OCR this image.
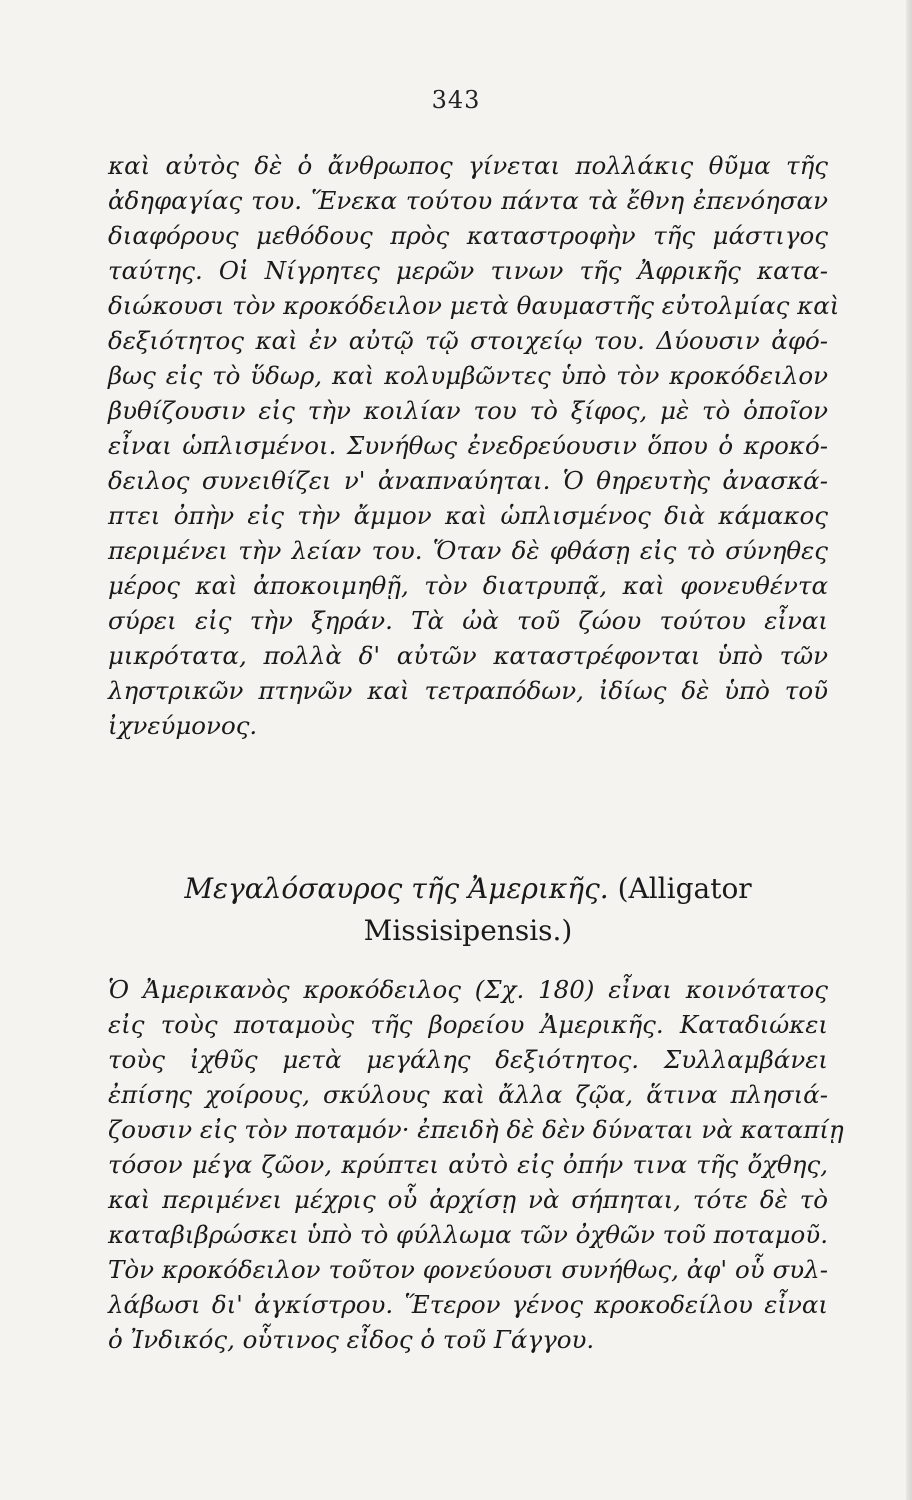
343
καὶ αὐτὸς δὲ ὁ ἄνθρωπος γίνεται πολλάκις θῦμα τῆς
ἀδηφαγίας του. Ἕνεκα τούτου πάντα τὰ ἔθνη ἐπενόησαν
διαφόρους μεθόδους πρὸς καταστροφὴν τῆς μάστιγος
ταύτης. Οἱ Νίγρητες μερῶν τινων τῆς Ἀφρικῆς κατα-
διώκουσι τὸν κροκόδειλον μετὰ θαυμαστῆς εὐτολμίας καὶ
δεξιότητος καὶ ἐν αὐτῷ τῷ στοιχείῳ του. Δύουσιν ἀφό-
βως εἰς τὸ ὕδωρ, καὶ κολυμβῶντες ὑπὸ τὸν κροκόδειλον
βυθίζουσιν εἰς τὴν κοιλίαν του τὸ ξίφος, μὲ τὸ ὁποῖον
εἶναι ὡπλισμένοι. Συνήθως ἐνεδρεύουσιν ὅπου ὁ κροκό-
δειλος συνειθίζει ν' ἀναπναύηται. Ὁ θηρευτὴς ἀνασκά-
πτει ὀπὴν εἰς τὴν ἄμμον καὶ ὡπλισμένος διὰ κάμακος
περιμένει τὴν λείαν του. Ὅταν δὲ φθάσῃ εἰς τὸ σύνηθες
μέρος καὶ ἀποκοιμηθῇ, τὸν διατρυπᾷ, καὶ φονευθέντα
σύρει εἰς τὴν ξηράν. Τὰ ὠὰ τοῦ ζώου τούτου εἶναι
μικρότατα, πολλὰ δ' αὐτῶν καταστρέφονται ὑπὸ τῶν
ληστρικῶν πτηνῶν καὶ τετραπόδων, ἰδίως δὲ ὑπὸ τοῦ
ἰχνεύμονος.
Μεγαλόσαυρος τῆς Ἀμερικῆς. (Alligator
Missisipensis.)
Ὁ Ἀμερικανὸς κροκόδειλος (Σχ. 180) εἶναι κοινότατος
εἰς τοὺς ποταμοὺς τῆς βορείου Ἀμερικῆς. Καταδιώκει
τοὺς ἰχθῦς μετὰ μεγάλης δεξιότητος. Συλλαμβάνει
ἐπίσης χοίρους, σκύλους καὶ ἄλλα ζῷα, ἅτινα πλησιά-
ζουσιν εἰς τὸν ποταμόν· ἐπειδὴ δὲ δὲν δύναται νὰ καταπίῃ
τόσον μέγα ζῶον, κρύπτει αὐτὸ εἰς ὀπήν τινα τῆς ὄχθης,
καὶ περιμένει μέχρις οὗ ἀρχίσῃ νὰ σήπηται, τότε δὲ τὸ
καταβιβρώσκει ὑπὸ τὸ φύλλωμα τῶν ὀχθῶν τοῦ ποταμοῦ.
Τὸν κροκόδειλον τοῦτον φονεύουσι συνήθως, ἀφ' οὗ συλ-
λάβωσι δι' ἀγκίστρου. Ἕτερον γένος κροκοδείλου εἶναι
ὁ Ἰνδικός, οὗτινος εἶδος ὁ τοῦ Γάγγου.
